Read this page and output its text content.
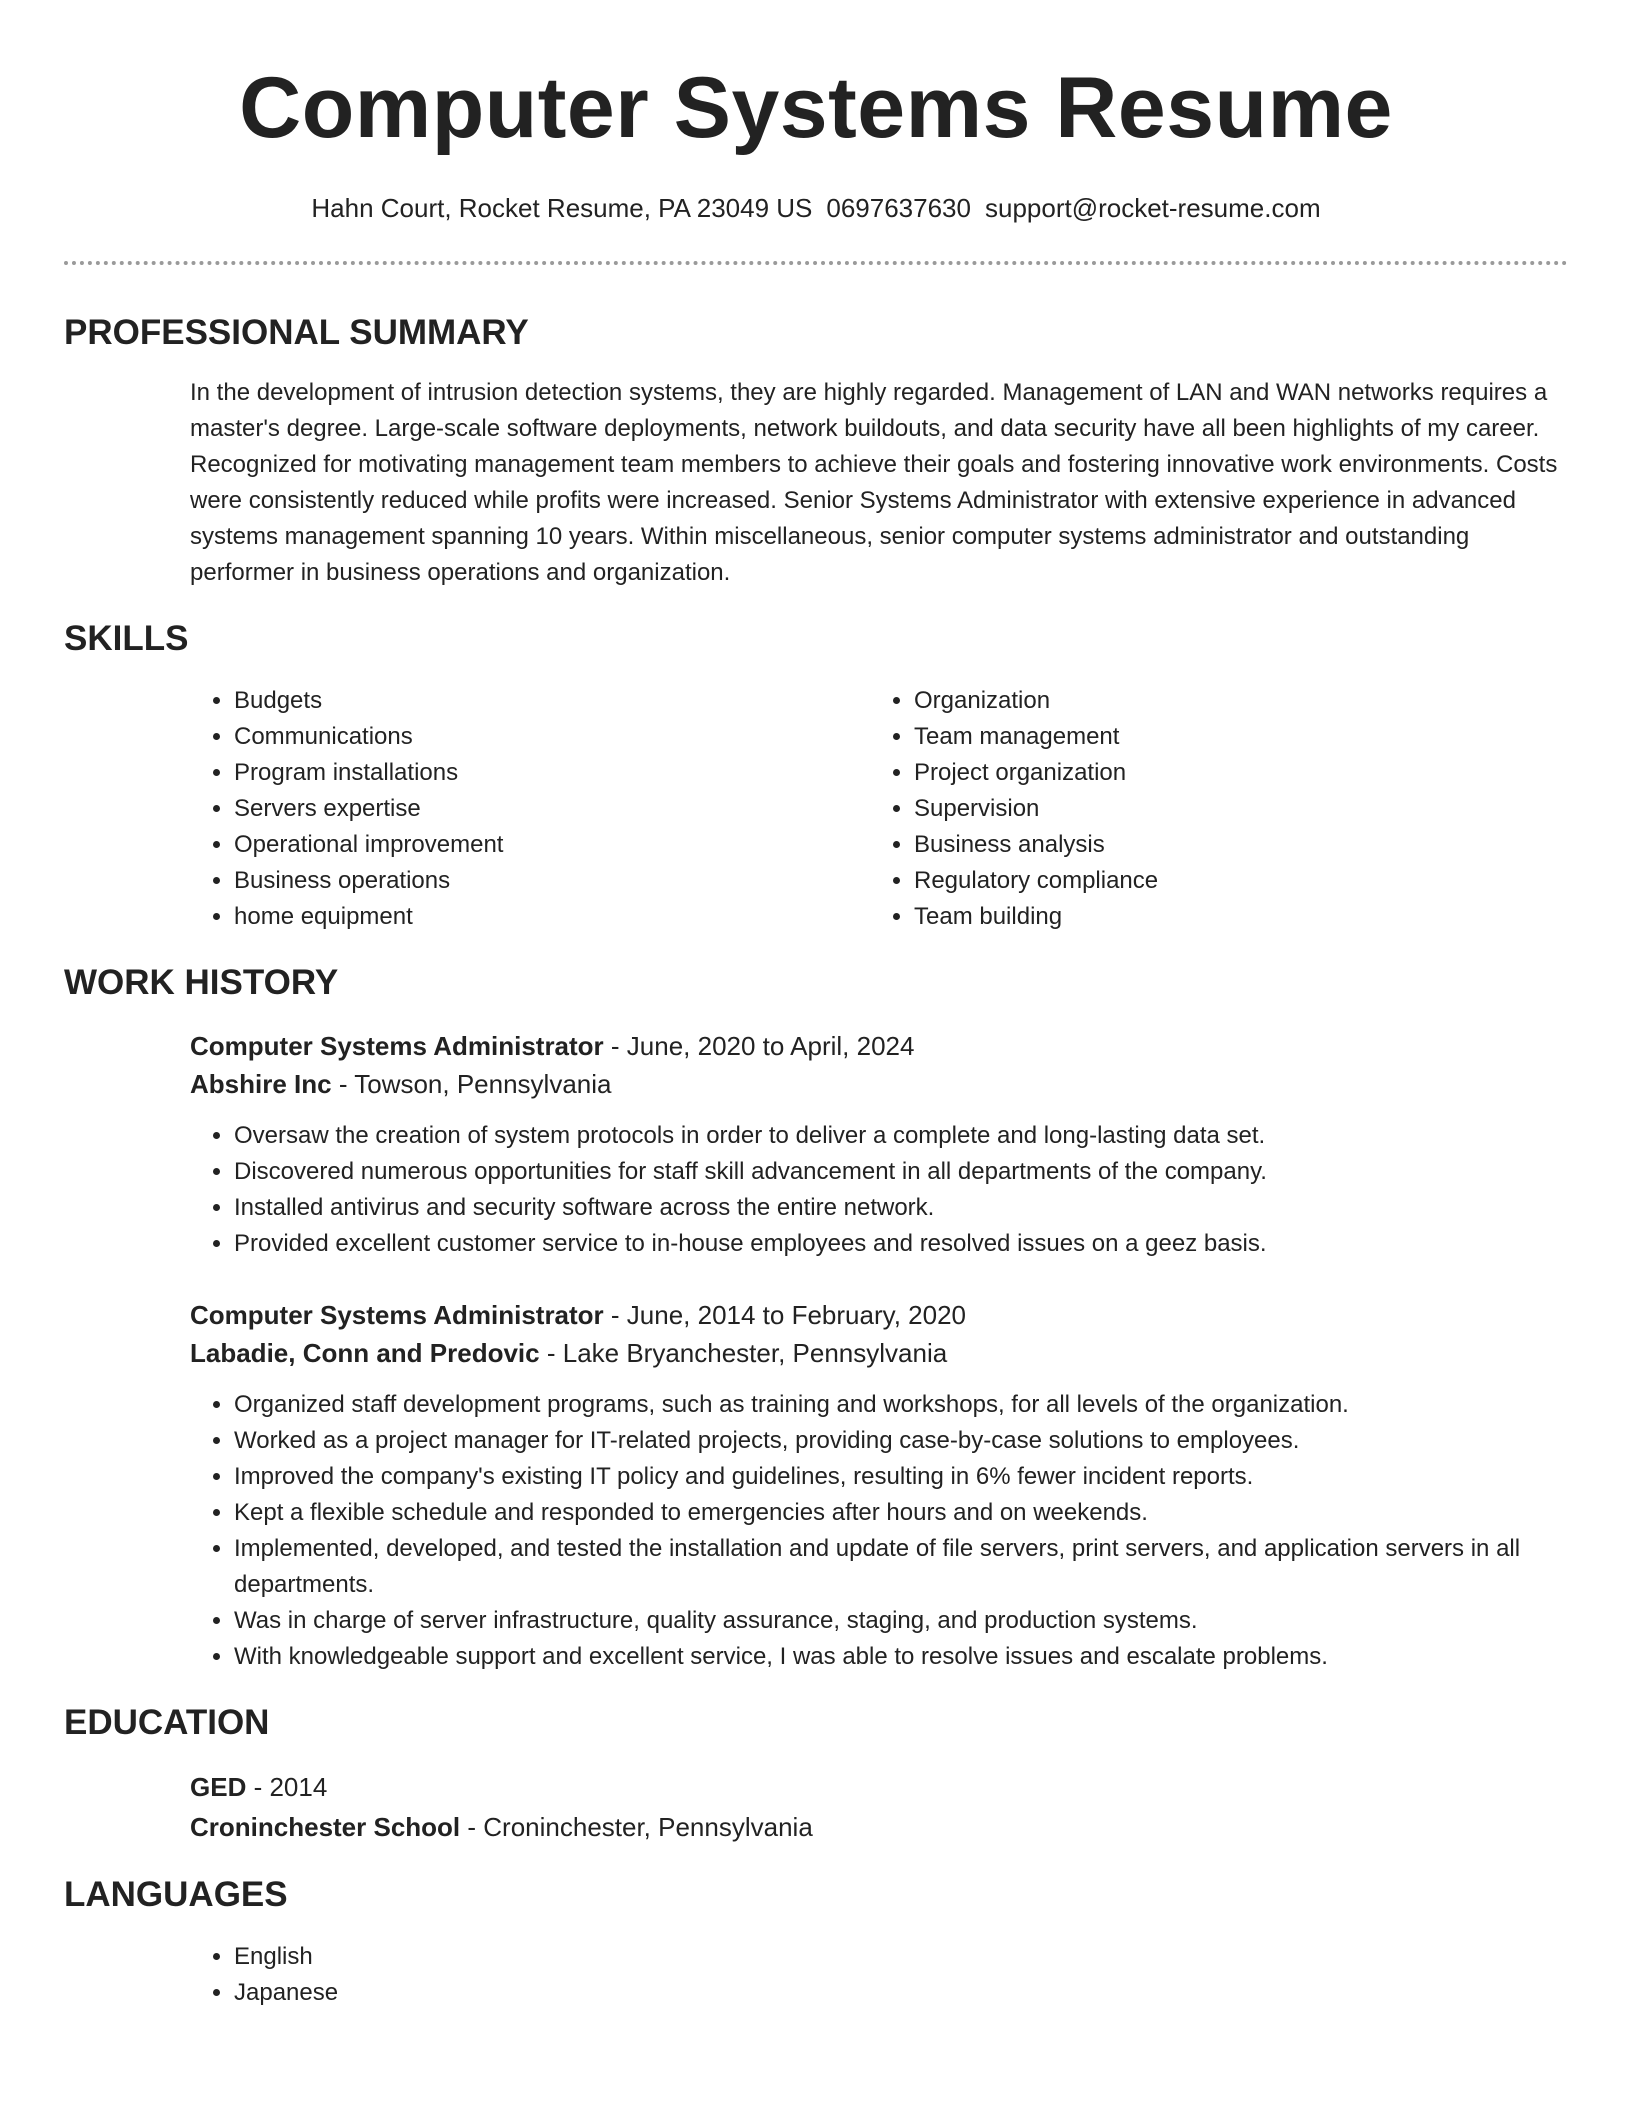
Computer Systems Resume
Hahn Court, Rocket Resume, PA 23049 US 0697637630 support@rocket-resume.com
PROFESSIONAL SUMMARY
In the development of intrusion detection systems, they are highly regarded. Management of LAN and WAN networks requires a master's degree. Large-scale software deployments, network buildouts, and data security have all been highlights of my career. Recognized for motivating management team members to achieve their goals and fostering innovative work environments. Costs were consistently reduced while profits were increased. Senior Systems Administrator with extensive experience in advanced systems management spanning 10 years. Within miscellaneous, senior computer systems administrator and outstanding performer in business operations and organization.
SKILLS
• Budgets
• Communications
• Program installations
• Servers expertise
• Operational improvement
• Business operations
• home equipment
• Organization
• Team management
• Project organization
• Supervision
• Business analysis
• Regulatory compliance
• Team building
WORK HISTORY
Computer Systems Administrator - June, 2020 to April, 2024
Abshire Inc - Towson, Pennsylvania
• Oversaw the creation of system protocols in order to deliver a complete and long-lasting data set.
• Discovered numerous opportunities for staff skill advancement in all departments of the company.
• Installed antivirus and security software across the entire network.
• Provided excellent customer service to in-house employees and resolved issues on a geez basis.
Computer Systems Administrator - June, 2014 to February, 2020
Labadie, Conn and Predovic - Lake Bryanchester, Pennsylvania
• Organized staff development programs, such as training and workshops, for all levels of the organization.
• Worked as a project manager for IT-related projects, providing case-by-case solutions to employees.
• Improved the company's existing IT policy and guidelines, resulting in 6% fewer incident reports.
• Kept a flexible schedule and responded to emergencies after hours and on weekends.
• Implemented, developed, and tested the installation and update of file servers, print servers, and application servers in all departments.
• Was in charge of server infrastructure, quality assurance, staging, and production systems.
• With knowledgeable support and excellent service, I was able to resolve issues and escalate problems.
EDUCATION
GED - 2014
Croninchester School - Croninchester, Pennsylvania
LANGUAGES
• English
• Japanese
